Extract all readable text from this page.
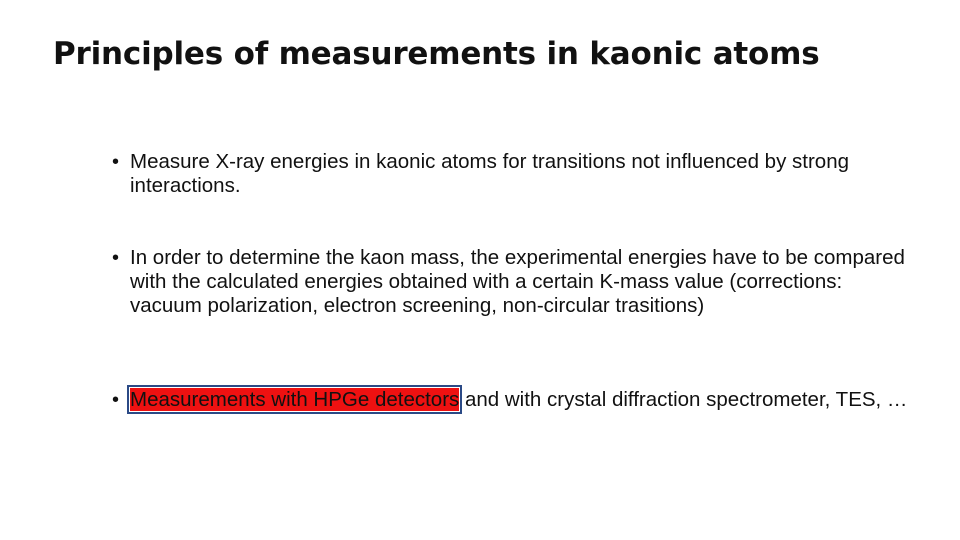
Principles of measurements in kaonic atoms
• Measure X-ray energies in kaonic atoms for transitions not influenced by strong interactions.
• In order to determine the kaon mass, the experimental energies have to be compared with the calculated energies obtained with a certain K-mass value (corrections: vacuum polarization, electron screening, non-circular trasitions)
• Measurements with HPGe detectors and with crystal diffraction spectrometer, TES, …
